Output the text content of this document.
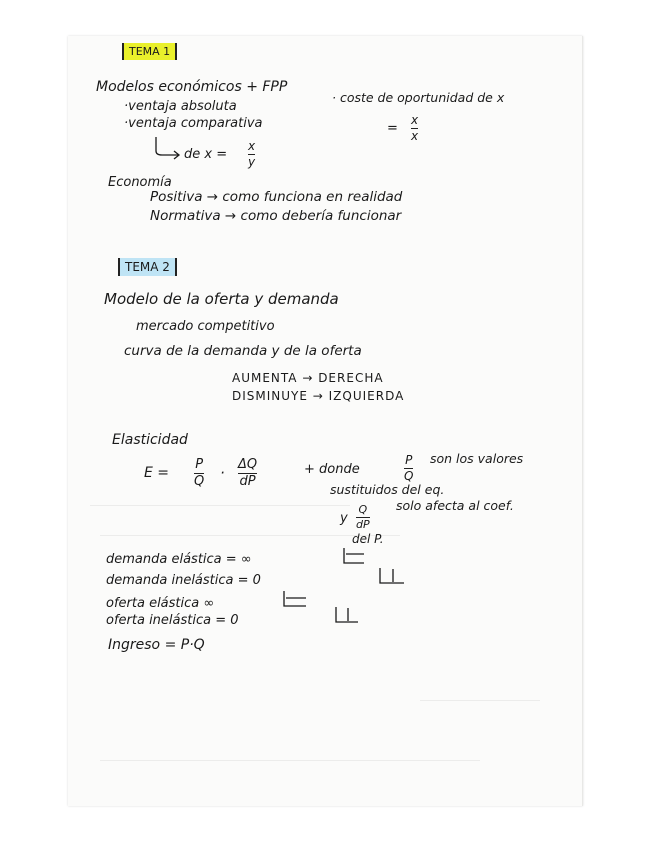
TEMA 1
Modelos económicos + FPP
·ventaja absoluta
·ventaja comparativa
· coste de oportunidad de x
=
x
x
de x =
x
y
Economía
Positiva → como funciona en realidad
Normativa → como debería funcionar
TEMA 2
Modelo de la oferta y demanda
mercado competitivo
curva de la demanda y de la oferta
AUMENTA → DERECHA
DISMINUYE → IZQUIERDA
Elasticidad
E =
P
Q · ΔQ
dP
+ donde
P
Q
son los valores
sustituidos del eq.
y
Q
dP
solo afecta al coef.
del P.
demanda elástica = ∞
demanda inelástica = 0
oferta elástica ∞
oferta inelástica = 0
Ingreso = P·Q
